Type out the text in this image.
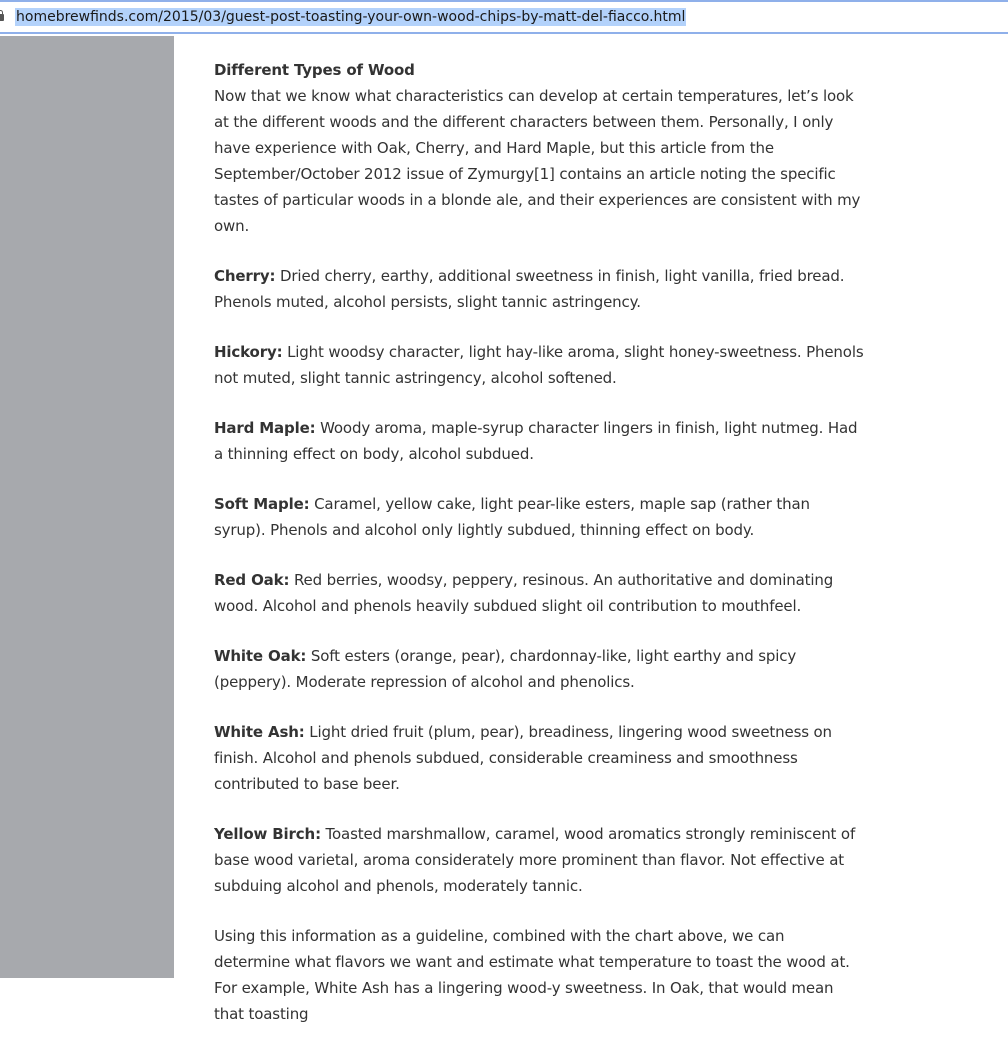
homebrewfinds.com/2015/03/guest-post-toasting-your-own-wood-chips-by-matt-del-fiacco.html

Different Types of Wood

Now that we know what characteristics can develop at certain temperatures, let’s look at the different woods and the different characters between them. Personally, I only have experience with Oak, Cherry, and Hard Maple, but this article from the September/October 2012 issue of Zymurgy[1] contains an article noting the specific tastes of particular woods in a blonde ale, and their experiences are consistent with my own.

Cherry: Dried cherry, earthy, additional sweetness in finish, light vanilla, fried bread. Phenols muted, alcohol persists, slight tannic astringency.

Hickory: Light woodsy character, light hay-like aroma, slight honey-sweetness. Phenols not muted, slight tannic astringency, alcohol softened.

Hard Maple: Woody aroma, maple-syrup character lingers in finish, light nutmeg. Had a thinning effect on body, alcohol subdued.

Soft Maple: Caramel, yellow cake, light pear-like esters, maple sap (rather than syrup). Phenols and alcohol only lightly subdued, thinning effect on body.

Red Oak: Red berries, woodsy, peppery, resinous. An authoritative and dominating wood. Alcohol and phenols heavily subdued slight oil contribution to mouthfeel.

White Oak: Soft esters (orange, pear), chardonnay-like, light earthy and spicy (peppery). Moderate repression of alcohol and phenolics.

White Ash: Light dried fruit (plum, pear), breadiness, lingering wood sweetness on finish. Alcohol and phenols subdued, considerable creaminess and smoothness contributed to base beer.

Yellow Birch: Toasted marshmallow, caramel, wood aromatics strongly reminiscent of base wood varietal, aroma considerately more prominent than flavor. Not effective at subduing alcohol and phenols, moderately tannic.

Using this information as a guideline, combined with the chart above, we can determine what flavors we want and estimate what temperature to toast the wood at. For example, White Ash has a lingering wood-y sweetness. In Oak, that would mean that toasting
